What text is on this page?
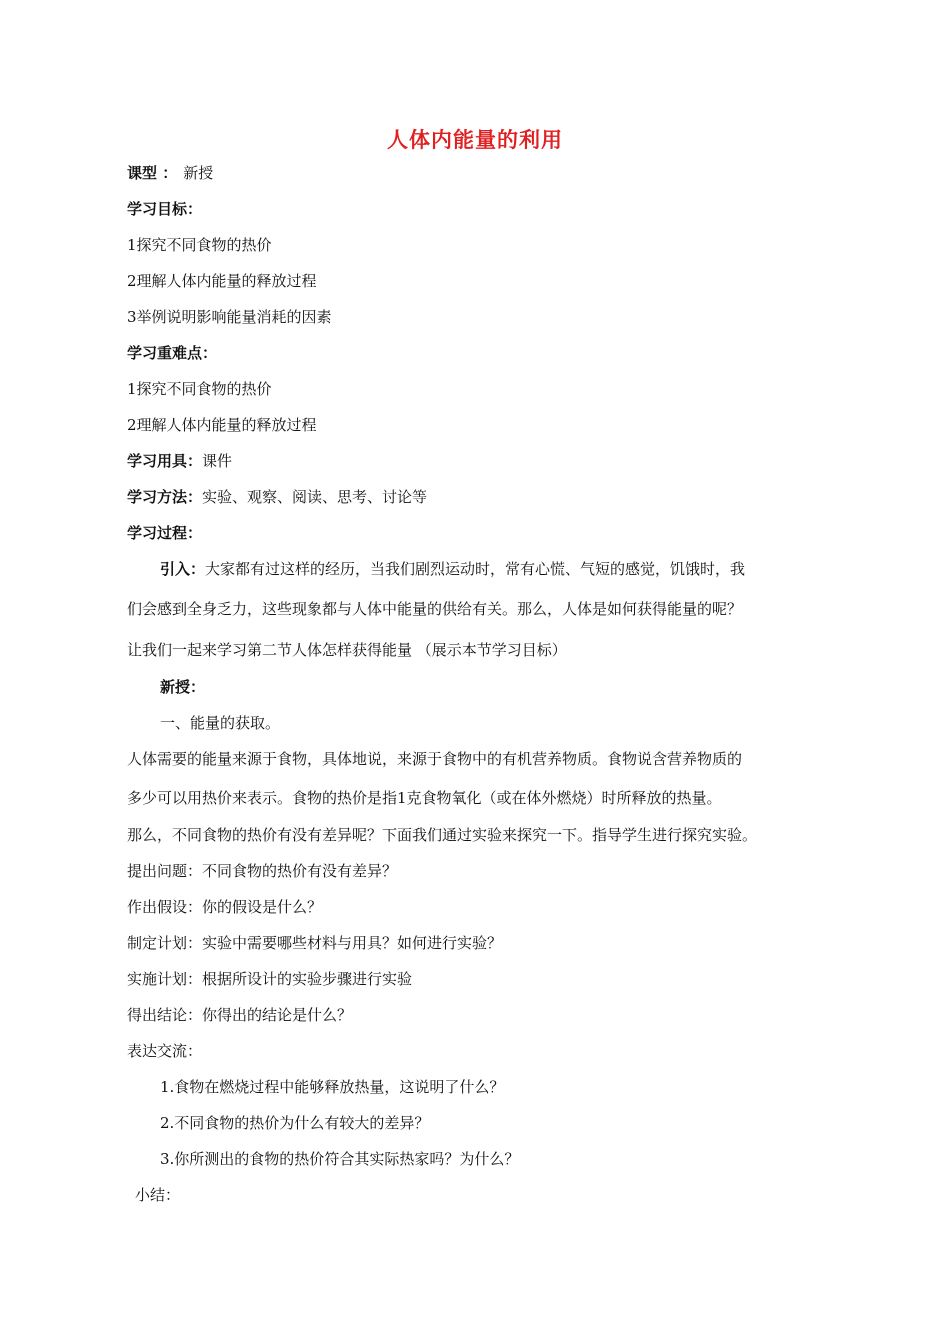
人体内能量的利用
课型 ： 新授
学习目标：
1探究不同食物的热价
2理解人体内能量的释放过程
3举例说明影响能量消耗的因素
学习重难点：
1探究不同食物的热价
2理解人体内能量的释放过程
学习用具：课件
学习方法：实验、观察、阅读、思考、讨论等
学习过程：
引入：大家都有过这样的经历，当我们剧烈运动时，常有心慌、气短的感觉，饥饿时，我
们会感到全身乏力，这些现象都与人体中能量的供给有关。那么，人体是如何获得能量的呢？
让我们一起来学习第二节人体怎样获得能量 （展示本节学习目标）
新授：
一、能量的获取。
人体需要的能量来源于食物，具体地说，来源于食物中的有机营养物质。食物说含营养物质的
多少可以用热价来表示。食物的热价是指1克食物氧化（或在体外燃烧）时所释放的热量。
那么，不同食物的热价有没有差异呢？下面我们通过实验来探究一下。指导学生进行探究实验。
提出问题：不同食物的热价有没有差异？
作出假设：你的假设是什么？
制定计划：实验中需要哪些材料与用具？如何进行实验？
实施计划：根据所设计的实验步骤进行实验
得出结论：你得出的结论是什么？
表达交流：
1.食物在燃烧过程中能够释放热量，这说明了什么？
2.不同食物的热价为什么有较大的差异？
3.你所测出的食物的热价符合其实际热家吗？为什么？
小结：
